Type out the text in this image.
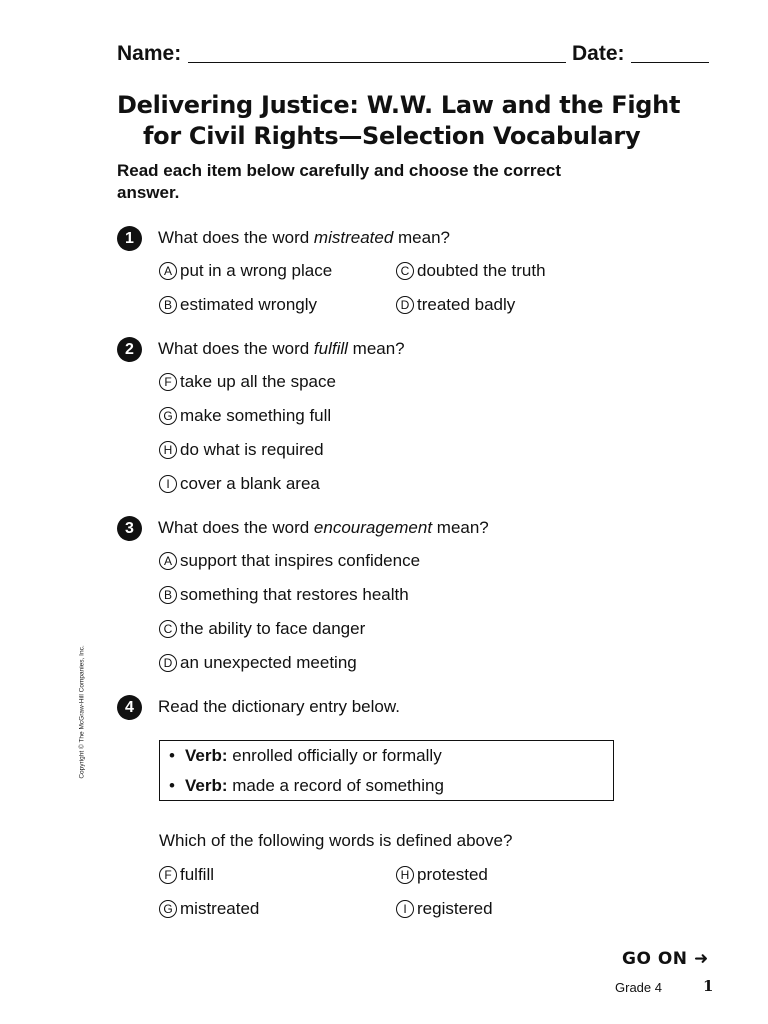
Name:	Date:
Delivering Justice: W.W. Law and the Fight
for Civil Rights—Selection Vocabulary
Read each item below carefully and choose the correct answer.
1	What does the word mistreated mean?
A put in a wrong place
B estimated wrongly
C doubted the truth
D treated badly
2	What does the word fulfill mean?
F take up all the space
G make something full
H do what is required
I cover a blank area
3	What does the word encouragement mean?
A support that inspires confidence
B something that restores health
C the ability to face danger
D an unexpected meeting
4	Read the dictionary entry below.
• Verb: enrolled officially or formally
• Verb: made a record of something
Which of the following words is defined above?
F fulfill
G mistreated
H protested
I registered
Copyright © The McGraw-Hill Companies, Inc.
GO ON ➜
Grade 4	1
